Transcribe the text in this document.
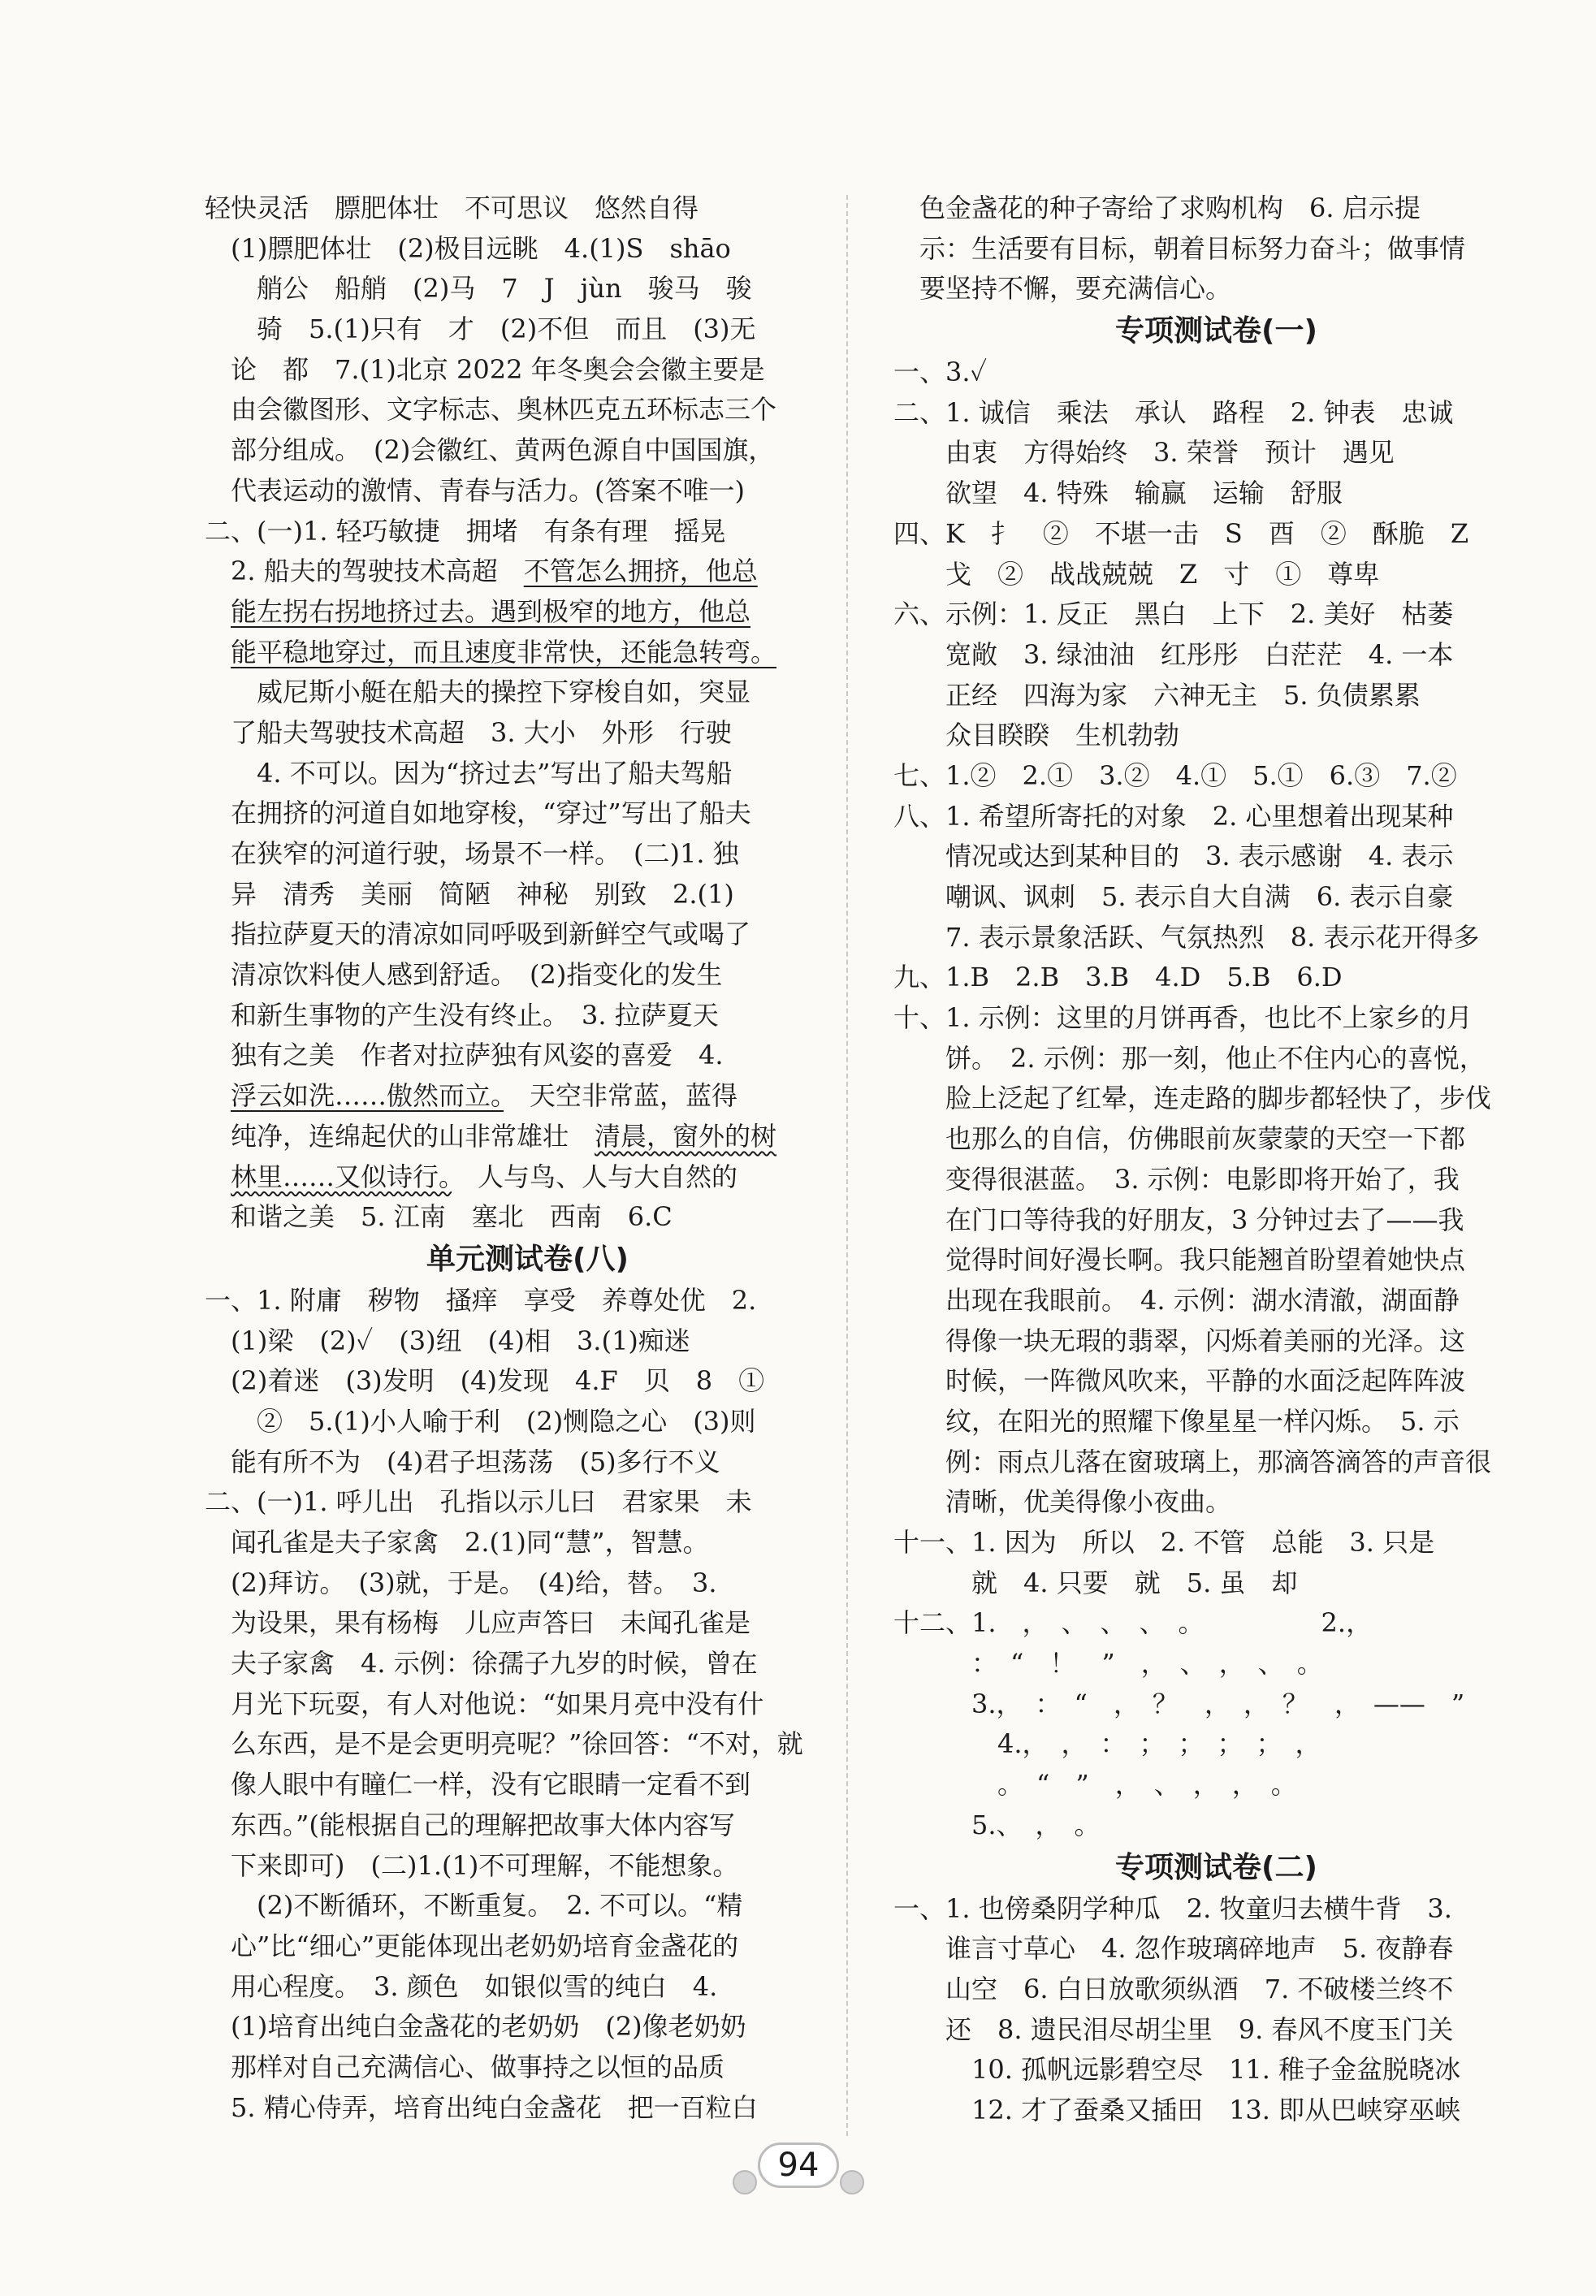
轻快灵活　膘肥体壮　不可思议　悠然自得
　(1)膘肥体壮　(2)极目远眺　4.(1)S　shāo
　　艄公　船艄　(2)马　7　J　jùn　骏马　骏
　　骑　5.(1)只有　才　(2)不但　而且　(3)无
　论　都　7.(1)北京 2022 年冬奥会会徽主要是
　由会徽图形、文字标志、奥林匹克五环标志三个
　部分组成。　(2)会徽红、黄两色源自中国国旗，
　代表运动的激情、青春与活力。(答案不唯一)
二、(一)1. 轻巧敏捷　拥堵　有条有理　摇晃
　2. 船夫的驾驶技术高超　不管怎么拥挤，他总
　能左拐右拐地挤过去。遇到极窄的地方，他总
　能平稳地穿过，而且速度非常快，还能急转弯。
　　威尼斯小艇在船夫的操控下穿梭自如，突显
　了船夫驾驶技术高超　3. 大小　外形　行驶
　　4. 不可以。因为“挤过去”写出了船夫驾船
　在拥挤的河道自如地穿梭，“穿过”写出了船夫
　在狭窄的河道行驶，场景不一样。　(二)1. 独
　异　清秀　美丽　简陋　神秘　别致　2.(1)
　指拉萨夏天的清凉如同呼吸到新鲜空气或喝了
　清凉饮料使人感到舒适。　(2)指变化的发生
　和新生事物的产生没有终止。　3. 拉萨夏天
　独有之美　作者对拉萨独有风姿的喜爱　4.
　浮云如洗……傲然而立。　天空非常蓝，蓝得
　纯净，连绵起伏的山非常雄壮　清晨，窗外的树
　林里……又似诗行。　人与鸟、人与大自然的
　和谐之美　5. 江南　塞北　西南　6.C
单元测试卷(八)
一、1. 附庸　秽物　搔痒　享受　养尊处优　2.
　(1)梁　(2)✓　(3)纽　(4)相　3.(1)痴迷
　(2)着迷　(3)发明　(4)发现　4.F　贝　8　①
　　②　5.(1)小人喻于利　(2)恻隐之心　(3)则
　能有所不为　(4)君子坦荡荡　(5)多行不义
二、(一)1. 呼儿出　孔指以示儿曰　君家果　未
　闻孔雀是夫子家禽　2.(1)同“慧”，智慧。
　(2)拜访。　(3)就，于是。　(4)给，替。　3.
　为设果，果有杨梅　儿应声答曰　未闻孔雀是
　夫子家禽　4. 示例：徐孺子九岁的时候，曾在
　月光下玩耍，有人对他说：“如果月亮中没有什
　么东西，是不是会更明亮呢？”徐回答：“不对，就
　像人眼中有瞳仁一样，没有它眼睛一定看不到
　东西。”(能根据自己的理解把故事大体内容写
　下来即可)　(二)1.(1)不可理解，不能想象。
　　(2)不断循环，不断重复。　2. 不可以。“精
　心”比“细心”更能体现出老奶奶培育金盏花的
　用心程度。　3. 颜色　如银似雪的纯白　4.
　(1)培育出纯白金盏花的老奶奶　(2)像老奶奶
　那样对自己充满信心、做事持之以恒的品质
　5. 精心侍弄，培育出纯白金盏花　把一百粒白
　色金盏花的种子寄给了求购机构　6. 启示提
　示：生活要有目标，朝着目标努力奋斗；做事情
　要坚持不懈，要充满信心。
专项测试卷(一)
一、3.✓
二、1. 诚信　乘法　承认　路程　2. 钟表　忠诚
　　由衷　方得始终　3. 荣誉　预计　遇见
　　欲望　4. 特殊　输赢　运输　舒服
四、K　扌　②　不堪一击　S　酉　②　酥脆　Z
　　戈　②　战战兢兢　Z　寸　①　尊卑
六、示例：1. 反正　黑白　上下　2. 美好　枯萎
　　宽敞　3. 绿油油　红彤彤　白茫茫　4. 一本
　　正经　四海为家　六神无主　5. 负债累累
　　众目睽睽　生机勃勃
七、1.②　2.①　3.②　4.①　5.①　6.③　7.②
八、1. 希望所寄托的对象　2. 心里想着出现某种
　　情况或达到某种目的　3. 表示感谢　4. 表示
　　嘲讽、讽刺　5. 表示自大自满　6. 表示自豪
　　7. 表示景象活跃、气氛热烈　8. 表示花开得多
九、1.B　2.B　3.B　4.D　5.B　6.D
十、1. 示例：这里的月饼再香，也比不上家乡的月
　　饼。　2. 示例：那一刻，他止不住内心的喜悦，
　　脸上泛起了红晕，连走路的脚步都轻快了，步伐
　　也那么的自信，仿佛眼前灰蒙蒙的天空一下都
　　变得很湛蓝。　3. 示例：电影即将开始了，我
　　在门口等待我的好朋友，3 分钟过去了——我
　　觉得时间好漫长啊。我只能翘首盼望着她快点
　　出现在我眼前。　4. 示例：湖水清澈，湖面静
　　得像一块无瑕的翡翠，闪烁着美丽的光泽。这
　　时候，一阵微风吹来，平静的水面泛起阵阵波
　　纹，在阳光的照耀下像星星一样闪烁。　5. 示
　　例：雨点儿落在窗玻璃上，那滴答滴答的声音很
　　清晰，优美得像小夜曲。
十一、1. 因为　所以　2. 不管　总能　3. 只是
　　　就　4. 只要　就　5. 虽　却
十二、1.　，　、　、　、　。　　　　　2.，
　　　：　“　！　”　，　、　，　、　。
　　　3.，　：　“　，　？　，　，　？　，　——　”
　　　　4.，　，　：　；　；　；　；　，
　　　　。　“　”　，　、　，　，　。
　　　5.、　，　。
专项测试卷(二)
一、1. 也傍桑阴学种瓜　2. 牧童归去横牛背　3.
　　谁言寸草心　4. 忽作玻璃碎地声　5. 夜静春
　　山空　6. 白日放歌须纵酒　7. 不破楼兰终不
　　还　8. 遗民泪尽胡尘里　9. 春风不度玉门关
　　　10. 孤帆远影碧空尽　11. 稚子金盆脱晓冰
　　　12. 才了蚕桑又插田　13. 即从巴峡穿巫峡
94
